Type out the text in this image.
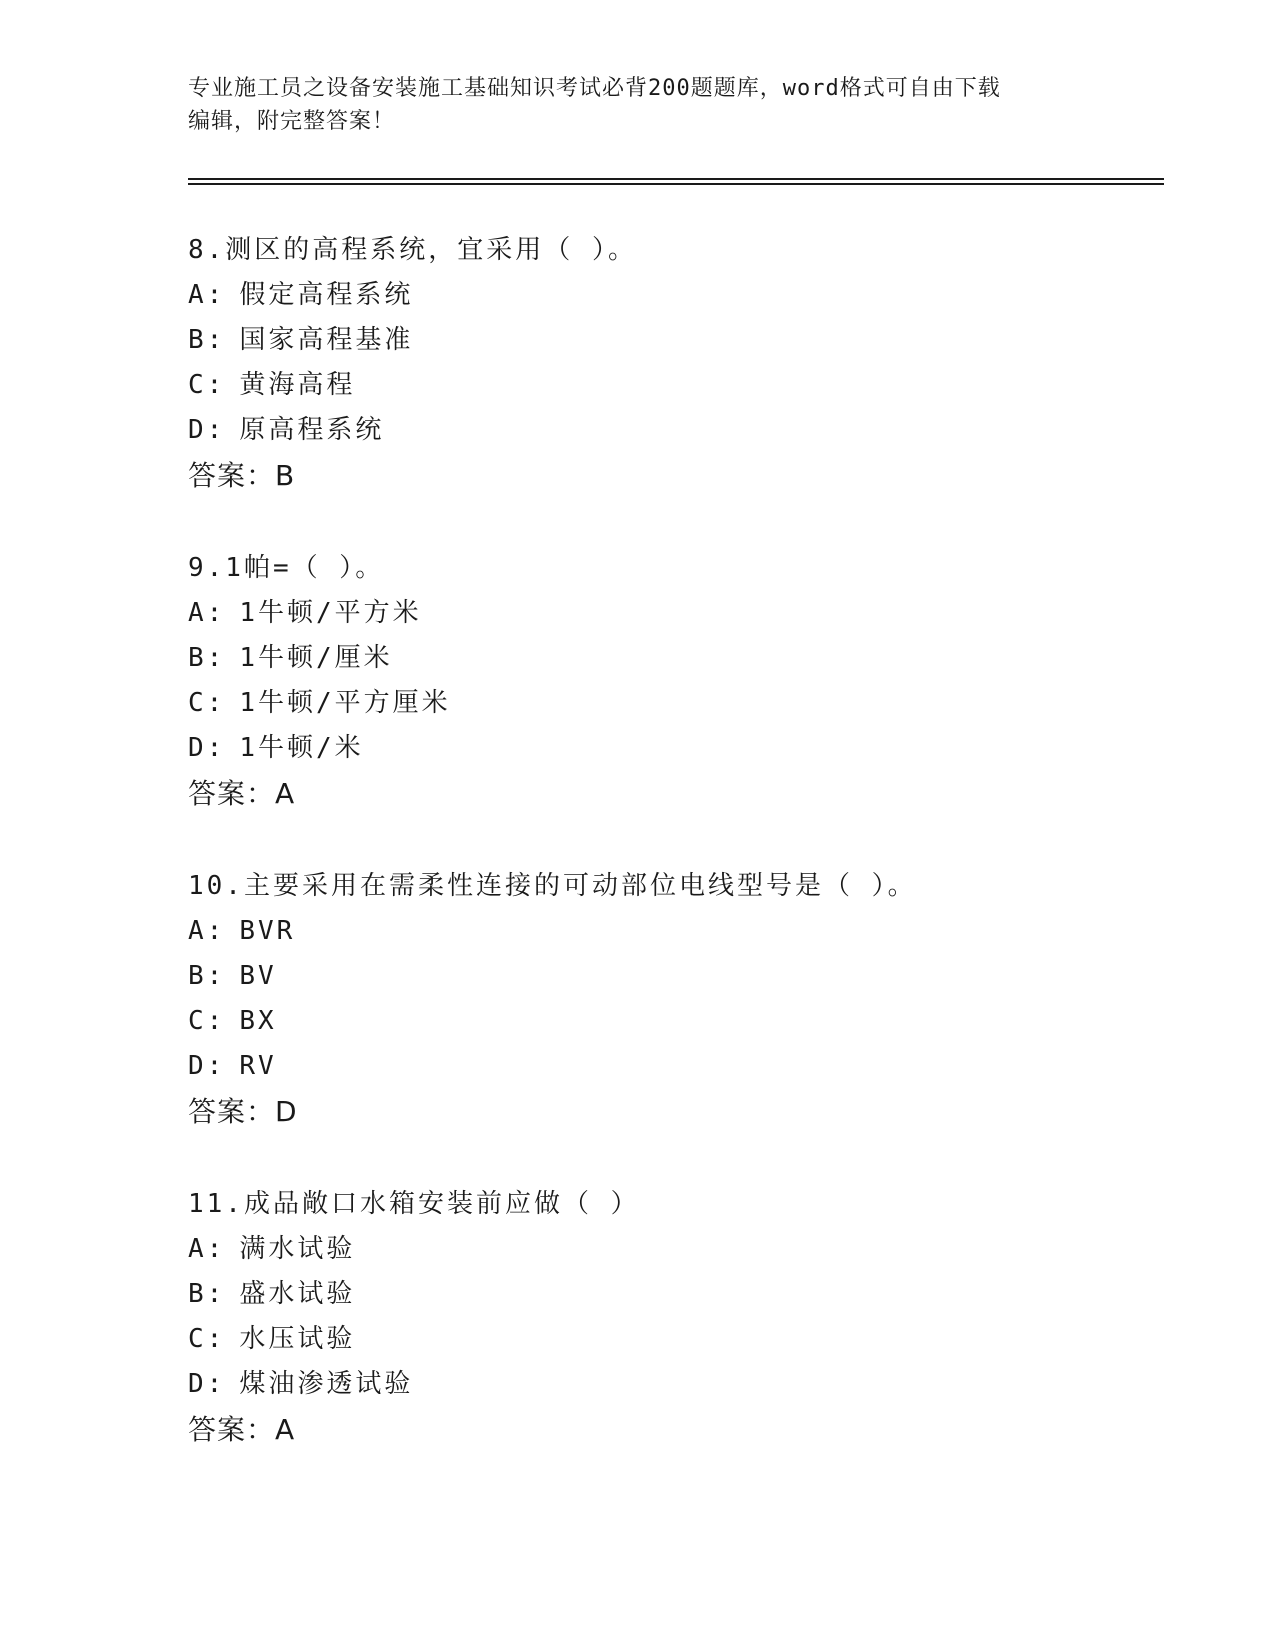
专业施工员之设备安装施工基础知识考试必背200题题库，word格式可自由下载
编辑，附完整答案！
8.测区的高程系统，宜采用（ ）。
A: 假定高程系统
B: 国家高程基准
C: 黄海高程
D: 原高程系统
答案：B
9.1帕=（ ）。
A: 1牛顿/平方米
B: 1牛顿/厘米
C: 1牛顿/平方厘米
D: 1牛顿/米
答案：A
10.主要采用在需柔性连接的可动部位电线型号是（ ）。
A: BVR
B: BV
C: BX
D: RV
答案：D
11.成品敞口水箱安装前应做（ ）
A: 满水试验
B: 盛水试验
C: 水压试验
D: 煤油渗透试验
答案：A
